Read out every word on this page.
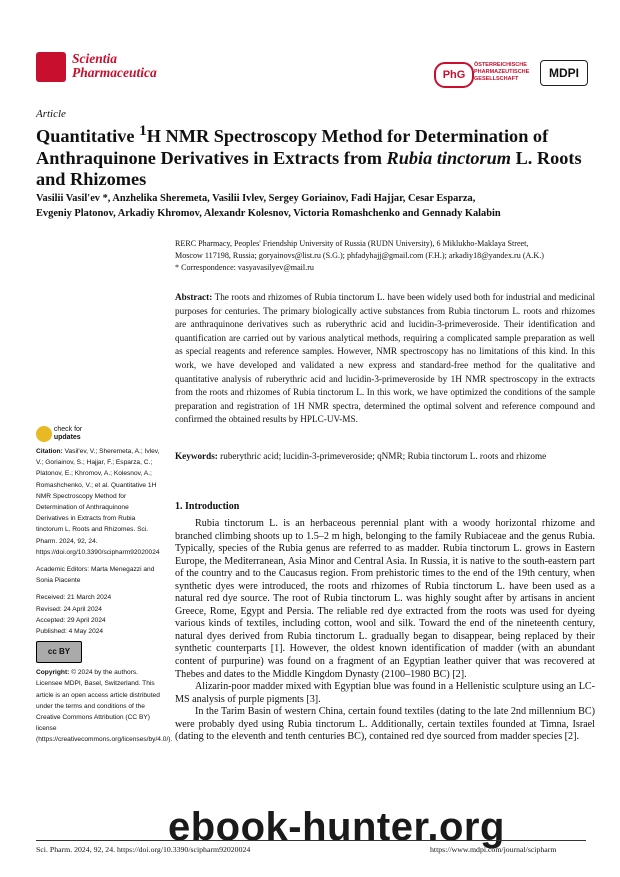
Scientia
Pharmaceutica	PhG
ÖSTERREICHISCHE
PHARMAZEUTISCHE
GESELLSCHAFT	MDPI
Article
Quantitative $^1$H NMR Spectroscopy Method for Determination of Anthraquinone Derivatives in Extracts from Rubia tinctorum L. Roots and Rhizomes
Vasilii Vasil'ev *, Anzhelika Sheremeta, Vasilii Ivlev, Sergey Goriainov, Fadi Hajjar, Cesar Esparza,
Evgeniy Platonov, Arkadiy Khromov, Alexandr Kolesnov, Victoria Romashchenko and Gennady Kalabin
RERC Pharmacy, Peoples' Friendship University of Russia (RUDN University), 6 Miklukho-Maklaya Street,
Moscow 117198, Russia; goryainovs@list.ru (S.G.); phfadyhajj@gmail.com (F.H.); arkadiy18@yandex.ru (A.K.)
* Correspondence: vasyavasilyev@mail.ru
Abstract: The roots and rhizomes of Rubia tinctorum L. have been widely used both for industrial and medicinal purposes for centuries. The primary biologically active substances from Rubia tinctorum L. roots and rhizomes are anthraquinone derivatives such as ruberythric acid and lucidin-3-primeveroside. Their identification and quantification are carried out by various analytical methods, requiring a complicated sample preparation as well as special reagents and reference samples. However, NMR spectroscopy has no limitations of this kind. In this work, we have developed and validated a new express and standard-free method for the qualitative and quantitative analysis of ruberythric acid and lucidin-3-primeveroside by 1H NMR spectroscopy in the extracts from the roots and rhizomes of Rubia tinctorum L. In this work, we have optimized the conditions of the sample preparation and registration of 1H NMR spectra, determined the optimal solvent and reference compound and confirmed the obtained results by HPLC-UV-MS.
Keywords: ruberythric acid; lucidin-3-primeveroside; qNMR; Rubia tinctorum L. roots and rhizome
check for
updates
Citation: Vasil'ev, V.; Sheremeta, A.; Ivlev, V.; Goriainov, S.; Hajjar, F.; Esparza, C.; Platonov, E.; Khromov, A.; Kolesnov, A.; Romashchenko, V.; et al. Quantitative 1H NMR Spectroscopy Method for Determination of Anthraquinone Derivatives in Extracts from Rubia tinctorum L. Roots and Rhizomes. Sci. Pharm. 2024, 92, 24. https://doi.org/10.3390/scipharm92020024
Academic Editors: Marta Menegazzi and Sonia Piacente
Received: 21 March 2024
Revised: 24 April 2024
Accepted: 29 April 2024
Published: 4 May 2024
cc BY
Copyright: © 2024 by the authors. Licensee MDPI, Basel, Switzerland. This article is an open access article distributed under the terms and conditions of the Creative Commons Attribution (CC BY) license (https://creativecommons.org/licenses/by/4.0/).
1. Introduction

Rubia tinctorum L. is an herbaceous perennial plant with a woody horizontal rhizome and branched climbing shoots up to 1.5–2 m high, belonging to the family Rubiaceae and the genus Rubia. Typically, species of the Rubia genus are referred to as madder. Rubia tinctorum L. grows in Eastern Europe, the Mediterranean, Asia Minor and Central Asia. In Russia, it is native to the south-eastern part of the country and to the Caucasus region. From prehistoric times to the end of the 19th century, when synthetic dyes were introduced, the roots and rhizomes of Rubia tinctorum L. have been used as a natural red dye source. The root of Rubia tinctorum L. was highly sought after by artisans in ancient Greece, Rome, Egypt and Persia. The reliable red dye extracted from the roots was used for dyeing various kinds of textiles, including cotton, wool and silk. Toward the end of the nineteenth century, natural dyes derived from Rubia tinctorum L. gradually began to disappear, being replaced by their synthetic counterparts [1]. However, the oldest known identification of madder (with an abundant content of purpurine) was found on a fragment of an Egyptian leather quiver that was recovered at Thebes and dates to the Middle Kingdom Dynasty (2100–1980 BC) [2].

Alizarin-poor madder mixed with Egyptian blue was found in a Hellenistic sculpture using an LC-MS analysis of purple pigments [3].

In the Tarim Basin of western China, certain found textiles (dating to the late 2nd millennium BC) were probably dyed using Rubia tinctorum L. Additionally, certain textiles founded at Timna, Israel (dating to the eleventh and tenth centuries BC), contained red dye sourced from madder species [2].

ebook-hunter.org
Sci. Pharm. 2024, 92, 24. https://doi.org/10.3390/scipharm92020024	https://www.mdpi.com/journal/scipharm
